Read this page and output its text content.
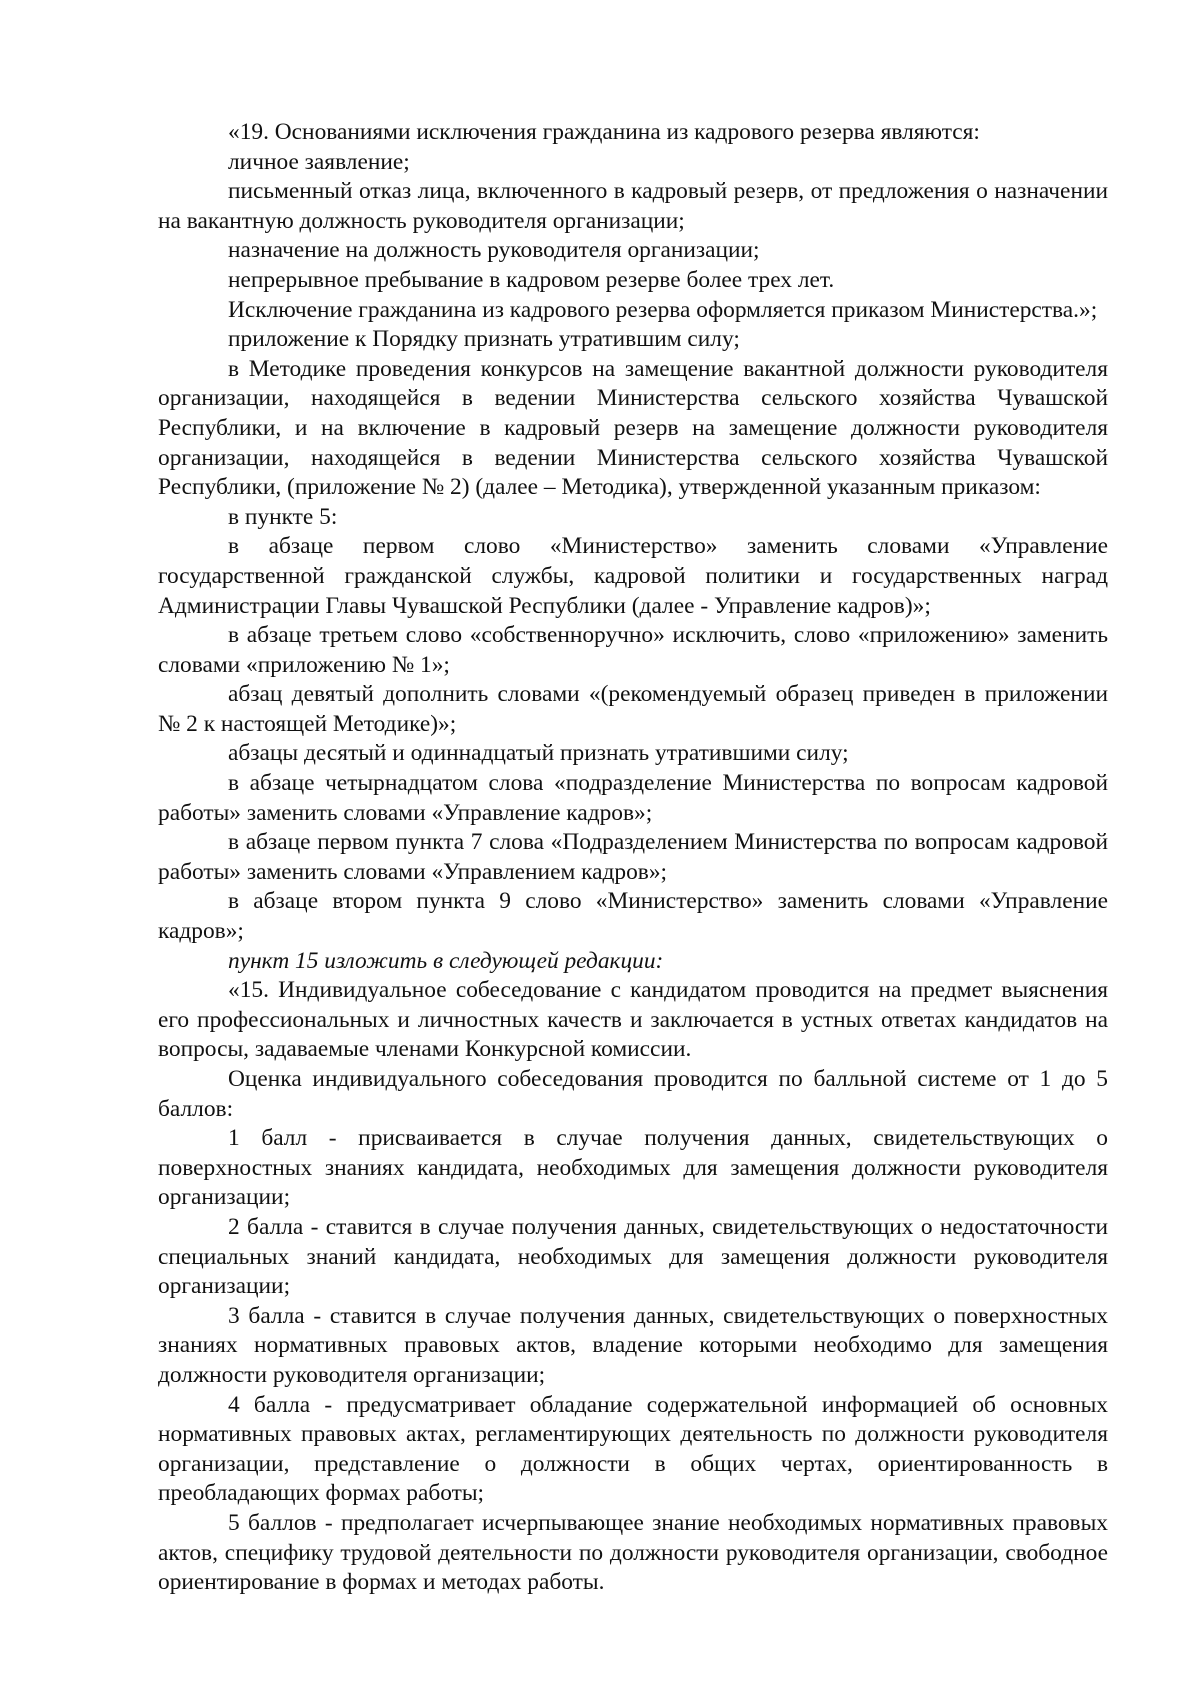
«19. Основаниями исключения гражданина из кадрового резерва являются:

личное заявление;

письменный отказ лица, включенного в кадровый резерв, от предложения о назначении на вакантную должность руководителя организации;

назначение на должность руководителя организации;

непрерывное пребывание в кадровом резерве более трех лет.

Исключение гражданина из кадрового резерва оформляется приказом Министерства.»;

приложение к Порядку признать утратившим силу;

в Методике проведения конкурсов на замещение вакантной должности руководителя организации, находящейся в ведении Министерства сельского хозяйства Чувашской Республики, и на включение в кадровый резерв на замещение должности руководителя организации, находящейся в ведении Министерства сельского хозяйства Чувашской Республики, (приложение № 2) (далее – Методика), утвержденной указанным приказом:

в пункте 5:

в абзаце первом слово «Министерство» заменить словами «Управление государственной гражданской службы, кадровой политики и государственных наград Администрации Главы Чувашской Республики (далее - Управление кадров)»;

в абзаце третьем слово «собственноручно» исключить, слово «приложению» заменить словами «приложению № 1»;

абзац девятый дополнить словами «(рекомендуемый образец приведен в приложении № 2 к настоящей Методике)»;

абзацы десятый и одиннадцатый признать утратившими силу;

в абзаце четырнадцатом слова «подразделение Министерства по вопросам кадровой работы» заменить словами «Управление кадров»;

в абзаце первом пункта 7 слова «Подразделением Министерства по вопросам кадровой работы» заменить словами «Управлением кадров»;

в абзаце втором пункта 9 слово «Министерство» заменить словами «Управление кадров»;

пункт 15 изложить в следующей редакции:

«15. Индивидуальное собеседование с кандидатом проводится на предмет выяснения его профессиональных и личностных качеств и заключается в устных ответах кандидатов на вопросы, задаваемые членами Конкурсной комиссии.

Оценка индивидуального собеседования проводится по балльной системе от 1 до 5 баллов:

1 балл - присваивается в случае получения данных, свидетельствующих о поверхностных знаниях кандидата, необходимых для замещения должности руководителя организации;

2 балла - ставится в случае получения данных, свидетельствующих о недостаточности специальных знаний кандидата, необходимых для замещения должности руководителя организации;

3 балла - ставится в случае получения данных, свидетельствующих о поверхностных знаниях нормативных правовых актов, владение которыми необходимо для замещения должности руководителя организации;

4 балла - предусматривает обладание содержательной информацией об основных нормативных правовых актах, регламентирующих деятельность по должности руководителя организации, представление о должности в общих чертах, ориентированность в преобладающих формах работы;

5 баллов - предполагает исчерпывающее знание необходимых нормативных правовых актов, специфику трудовой деятельности по должности руководителя организации, свободное ориентирование в формах и методах работы.
